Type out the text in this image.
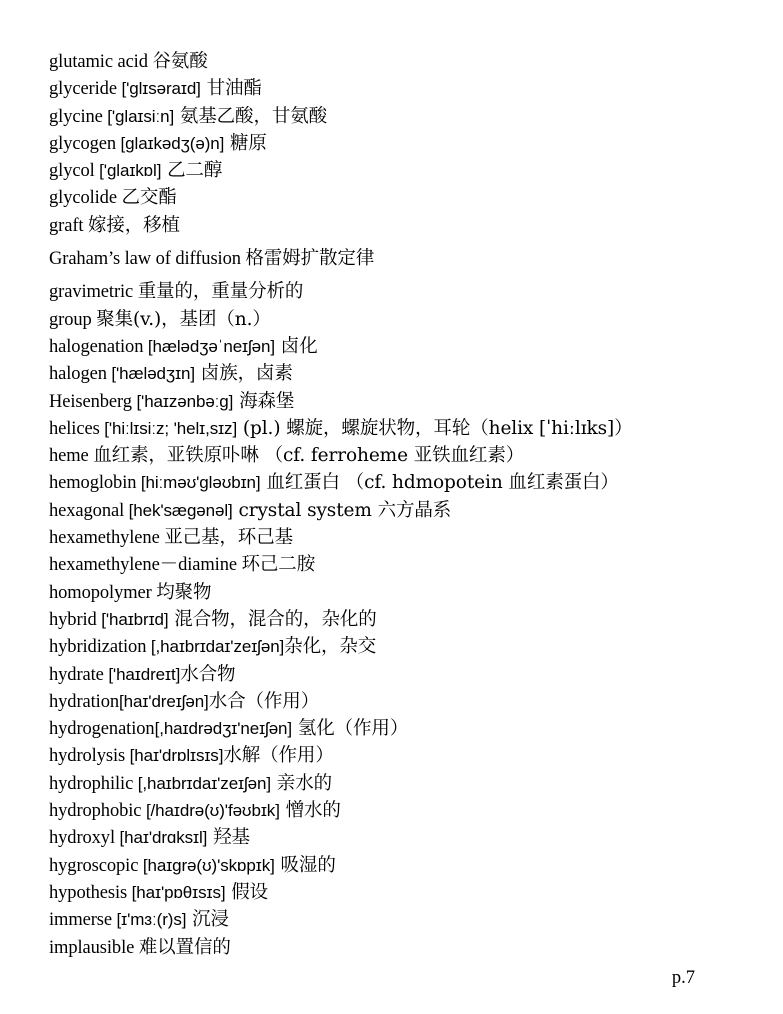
glutamic acid 谷氨酸
glyceride ['glɪsəraɪd] 甘油酯
glycine ['glaɪsiːn] 氨基乙酸，甘氨酸
glycogen [glaɪkədʒ(ə)n] 糖原
glycol ['glaɪkɒl] 乙二醇
glycolide 乙交酯
graft 嫁接，移植
Graham’s law of diffusion 格雷姆扩散定律
gravimetric 重量的，重量分析的
group 聚集(v.)，基团（n.）
halogenation [hælədʒəˈneɪʃən] 卤化
halogen ['hælədʒɪn] 卤族，卤素
Heisenberg ['haɪzənbəːg] 海森堡
helices ['hiːlɪsiːz; 'helɪ,sɪz] (pl.) 螺旋，螺旋状物，耳轮（helix [ˈhiːlɪks]）
heme 血红素，亚铁原卟啉 （cf. ferroheme 亚铁血红素）
hemoglobin [hiːməʊ'gləʊbɪn] 血红蛋白 （cf. hdmopotein 血红素蛋白）
hexagonal [hek'sægənəl] crystal system 六方晶系
hexamethylene 亚己基，环己基
hexamethylene－diamine 环己二胺
homopolymer 均聚物
hybrid ['haɪbrɪd] 混合物，混合的，杂化的
hybridization [,haɪbrɪdaɪ'zeɪʃən]杂化，杂交
hydrate ['haɪdreɪt]水合物
hydration[haɪ'dreɪʃən]水合（作用）
hydrogenation[,haɪdrədʒɪ'neɪʃən] 氢化（作用）
hydrolysis [haɪ'drɒlɪsɪs]水解（作用）
hydrophilic [,haɪbrɪdaɪ'zeɪʃən] 亲水的
hydrophobic [/haɪdrə(ʊ)'fəʊbɪk] 憎水的
hydroxyl [haɪ'drɑksɪl] 羟基
hygroscopic [haɪgrə(ʊ)'skɒpɪk] 吸湿的
hypothesis [haɪ'pɒθɪsɪs] 假设
immerse [ɪ'mɜː(r)s] 沉浸
implausible 难以置信的
p.7
